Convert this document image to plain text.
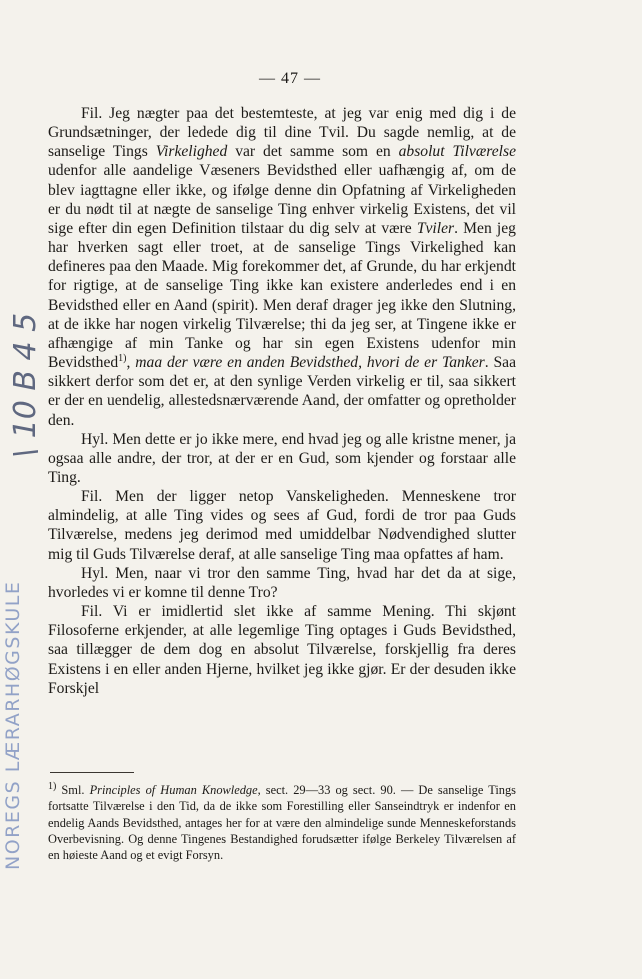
— 47 —

Fil. Jeg nægter paa det bestemteste, at jeg var enig med dig i de Grundsætninger, der ledede dig til dine Tvil. Du sagde nemlig, at de sanselige Tings Virkelighed var det samme som en absolut Tilværelse udenfor alle aandelige Væseners Bevidsthed eller uafhængig af, om de blev iagttagne eller ikke, og ifølge denne din Opfatning af Virkeligheden er du nødt til at nægte de sanselige Ting enhver virkelig Existens, det vil sige efter din egen Definition tilstaar du dig selv at være Tviler. Men jeg har hverken sagt eller troet, at de sanselige Tings Virkelighed kan defineres paa den Maade. Mig forekommer det, af Grunde, du har erkjendt for rigtige, at de sanselige Ting ikke kan existere anderledes end i en Bevidsthed eller en Aand (spirit). Men deraf drager jeg ikke den Slutning, at de ikke har nogen virkelig Tilværelse; thi da jeg ser, at Tingene ikke er afhængige af min Tanke og har sin egen Existens udenfor min Bevidsthed$^{1)}$, maa der være en anden Bevidsthed, hvori de er Tanker. Saa sikkert derfor som det er, at den synlige Verden virkelig er til, saa sikkert er der en uendelig, allestedsnærværende Aand, der omfatter og opretholder den.

Hyl. Men dette er jo ikke mere, end hvad jeg og alle kristne mener, ja ogsaa alle andre, der tror, at der er en Gud, som kjender og forstaar alle Ting.

Fil. Men der ligger netop Vanskeligheden. Menneskene tror almindelig, at alle Ting vides og sees af Gud, fordi de tror paa Guds Tilværelse, medens jeg derimod med umiddelbar Nødvendighed slutter mig til Guds Tilværelse deraf, at alle sanselige Ting maa opfattes af ham.

Hyl. Men, naar vi tror den samme Ting, hvad har det da at sige, hvorledes vi er komne til denne Tro?

Fil. Vi er imidlertid slet ikke af samme Mening. Thi skjønt Filosoferne erkjender, at alle legemlige Ting optages i Guds Bevidsthed, saa tillægger de dem dog en absolut Tilværelse, forskjellig fra deres Existens i en eller anden Hjerne, hvilket jeg ikke gjør. Er der desuden ikke Forskjel

$^{1)}$ Sml. Principles of Human Knowledge, sect. 29—33 og sect. 90. — De sanselige Tings fortsatte Tilværelse i den Tid, da de ikke som Forestilling eller Sanseindtryk er indenfor en endelig Aands Bevidsthed, antages her for at være den almindelige sunde Menneskeforstands Overbevisning. Og denne Tingenes Bestandighed forudsætter ifølge Berkeley Tilværelsen af en høieste Aand og et evigt Forsyn.

NOREGS LÆRARHØGSKULE

\ 10 B 4 5
